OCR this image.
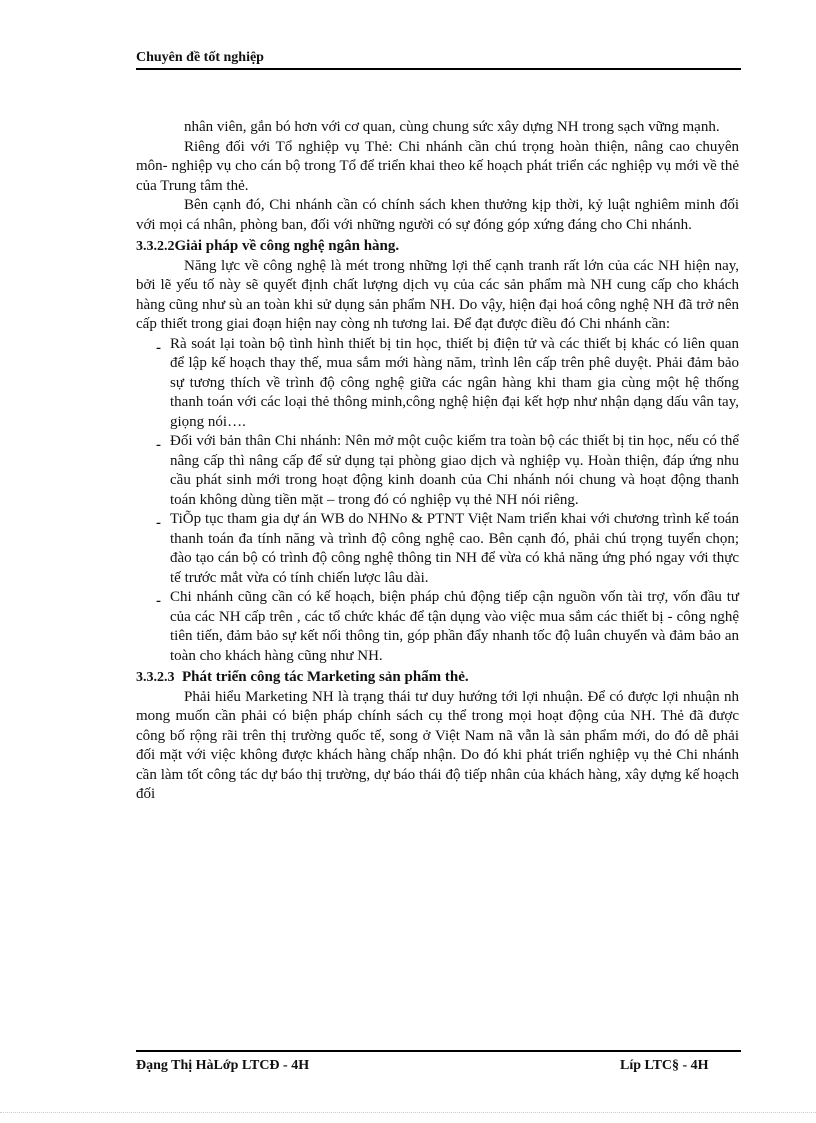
Chuyên đề tốt nghiệp

nhân viên, gắn bó hơn với cơ quan, cùng chung sức xây dựng NH trong sạch vững mạnh.

Riêng đối với Tổ nghiệp vụ Thẻ: Chi nhánh cần chú trọng hoàn thiện, nâng cao chuyên môn- nghiệp vụ cho cán bộ trong Tổ để triển khai theo kế hoạch phát triển các nghiệp vụ mới về thẻ của Trung tâm thẻ.

Bên cạnh đó, Chi nhánh cần có chính sách khen thưởng kịp thời, kỷ luật nghiêm minh đối với mọi cá nhân, phòng ban, đối với những người có sự đóng góp xứng đáng cho Chi nhánh.

3.3.2.2Giải pháp về công nghệ ngân hàng.

Năng lực về công nghệ là mét trong những lợi thế cạnh tranh rất lớn của các NH hiện nay, bởi lẽ yếu tố này sẽ quyết định chất lượng dịch vụ của các sản phẩm mà NH cung cấp cho khách hàng cũng như sù an toàn khi sử dụng sản phẩm NH. Do vậy, hiện đại hoá công nghệ NH đã trở nên cấp thiết trong giai đoạn hiện nay còng nh tương lai. Để đạt được điều đó Chi nhánh cần:

- Rà soát lại toàn bộ tình hình thiết bị tin học, thiết bị điện tử và các thiết bị khác có liên quan để lập kế hoạch thay thế, mua sắm mới hàng năm, trình lên cấp trên phê duyệt. Phải đảm bảo sự tương thích về trình độ công nghệ giữa các ngân hàng khi tham gia cùng một hệ thống thanh toán với các loại thẻ thông minh,công nghệ hiện đại kết hợp như nhận dạng dấu vân tay, giọng nói….

- Đối với bản thân Chi nhánh: Nên mở một cuộc kiểm tra toàn bộ các thiết bị tin học, nếu có thể nâng cấp thì nâng cấp để sử dụng tại phòng giao dịch và nghiệp vụ. Hoàn thiện, đáp ứng nhu cầu phát sinh mới trong hoạt động kinh doanh của Chi nhánh nói chung và hoạt động thanh toán không dùng tiền mặt – trong đó có nghiệp vụ thẻ NH nói riêng.

- TiÕp tục tham gia dự án WB do NHNo & PTNT Việt Nam triển khai với chương trình kế toán thanh toán đa tính năng và trình độ công nghệ cao. Bên cạnh đó, phải chú trọng tuyển chọn; đào tạo cán bộ có trình độ công nghệ thông tin NH để vừa có khả năng ứng phó ngay với thực tế trước mắt vừa có tính chiến lược lâu dài.

- Chi nhánh cũng cần có kế hoạch, biện pháp chủ động tiếp cận nguồn vốn tài trợ, vốn đầu tư của các NH cấp trên , các tổ chức khác để tận dụng vào việc mua sắm các thiết bị - công nghệ tiên tiến, đảm bảo sự kết nối thông tin, góp phần đẩy nhanh tốc độ luân chuyển và đảm bảo an toàn cho khách hàng cũng như NH.

3.3.2.3 Phát triển công tác Marketing sản phẩm thẻ.

Phải hiểu Marketing NH là trạng thái tư duy hướng tới lợi nhuận. Để có được lợi nhuận nh mong muốn cần phải có biện pháp chính sách cụ thể trong mọi hoạt động của NH. Thẻ đã được công bố rộng rãi trên thị trường quốc tế, song ở Việt Nam nã vẫn là sản phẩm mới, do đó dễ phải đối mặt với việc không được khách hàng chấp nhận. Do đó khi phát triển nghiệp vụ thẻ Chi nhánh cần làm tốt công tác dự báo thị trường, dự báo thái độ tiếp nhân của khách hàng, xây dựng kế hoạch đối

Đạng Thị HàLớp LTCĐ - 4H	Líp LTC§ - 4H
